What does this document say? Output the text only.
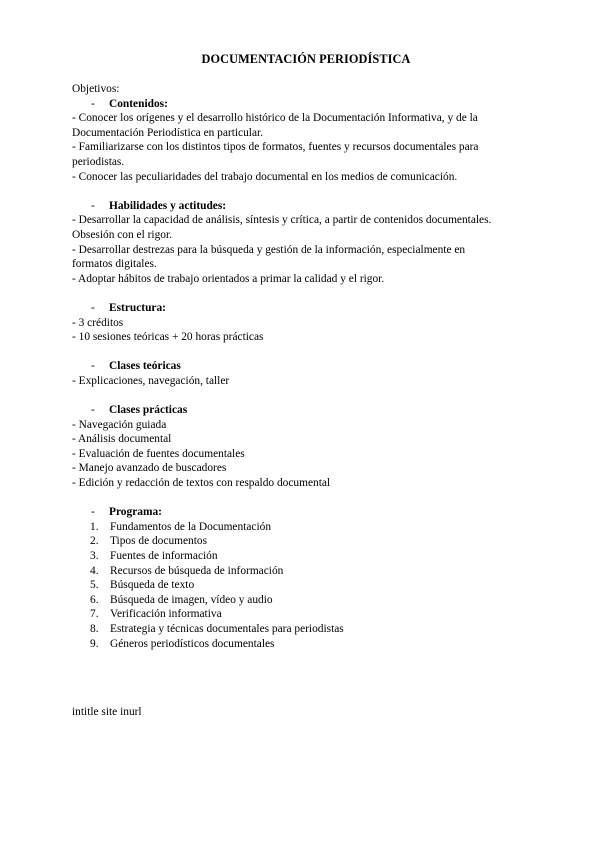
DOCUMENTACIÓN PERIODÍSTICA
Objetivos:
- Contenidos:
- Conocer los orígenes y el desarrollo histórico de la Documentación Informativa, y de la
Documentación Periodística en particular.
- Familiarizarse con los distintos tipos de formatos, fuentes y recursos documentales para
periodistas.
- Conocer las peculiaridades del trabajo documental en los medios de comunicación.
- Habilidades y actitudes:
- Desarrollar la capacidad de análisis, síntesis y crítica, a partir de contenidos documentales.
Obsesión con el rigor.
- Desarrollar destrezas para la búsqueda y gestión de la información, especialmente en
formatos digitales.
- Adoptar hábitos de trabajo orientados a primar la calidad y el rigor.
- Estructura:
- 3 créditos
- 10 sesiones teóricas + 20 horas prácticas
- Clases teóricas
- Explicaciones, navegación, taller
- Clases prácticas
- Navegación guiada
- Análisis documental
- Evaluación de fuentes documentales
- Manejo avanzado de buscadores
- Edición y redacción de textos con respaldo documental
- Programa:
1. Fundamentos de la Documentación
2. Tipos de documentos
3. Fuentes de información
4. Recursos de búsqueda de información
5. Búsqueda de texto
6. Búsqueda de imagen, vídeo y audio
7. Verificación informativa
8. Estrategia y técnicas documentales para periodistas
9. Géneros periodísticos documentales
intitle site inurl
